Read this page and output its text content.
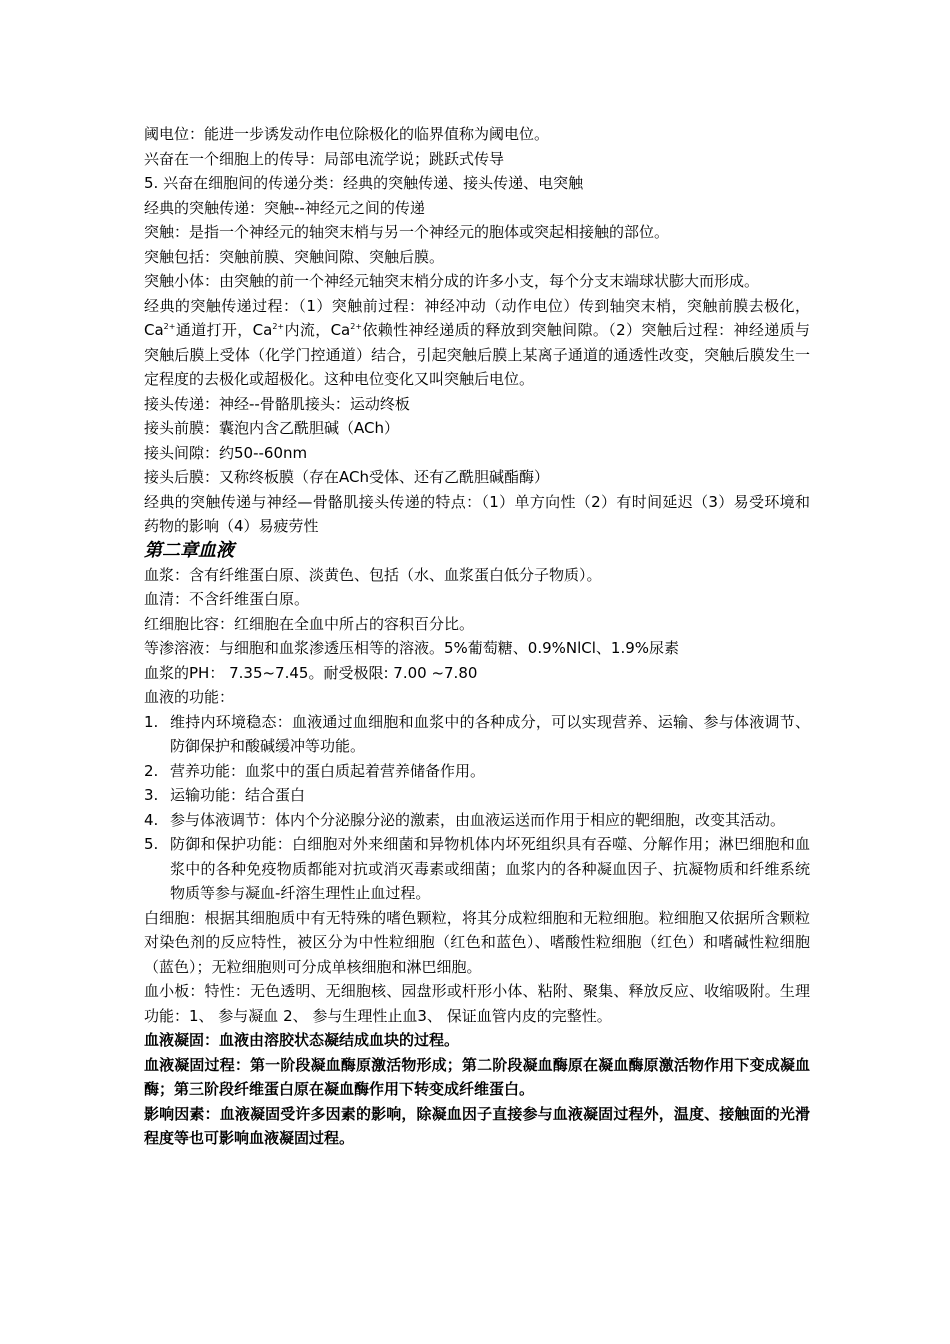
阈电位：能进一步诱发动作电位除极化的临界值称为阈电位。
兴奋在一个细胞上的传导：局部电流学说；跳跃式传导
5. 兴奋在细胞间的传递分类：经典的突触传递、接头传递、电突触
经典的突触传递：突触--神经元之间的传递
突触：是指一个神经元的轴突末梢与另一个神经元的胞体或突起相接触的部位。
突触包括：突触前膜、突触间隙、突触后膜。
突触小体：由突触的前一个神经元轴突末梢分成的许多小支，每个分支末端球状膨大而形成。
经典的突触传递过程：（1）突触前过程：神经冲动（动作电位）传到轴突末梢，突触前膜去极化，$Ca^{2+}$通道打开，$Ca^{2+}$内流，$Ca^{2+}$依赖性神经递质的释放到突触间隙。（2）突触后过程：神经递质与突触后膜上受体（化学门控通道）结合，引起突触后膜上某离子通道的通透性改变，突触后膜发生一定程度的去极化或超极化。这种电位变化又叫突触后电位。
接头传递：神经--骨骼肌接头：运动终板
接头前膜：囊泡内含乙酰胆碱（ACh）
接头间隙：约50--60nm
接头后膜：又称终板膜（存在ACh受体、还有乙酰胆碱酯酶）
经典的突触传递与神经—骨骼肌接头传递的特点：（1）单方向性（2）有时间延迟（3）易受环境和药物的影响（4）易疲劳性
第二章血液
血浆：含有纤维蛋白原、淡黄色、包括（水、血浆蛋白低分子物质）。
血清：不含纤维蛋白原。
红细胞比容：红细胞在全血中所占的容积百分比。
等渗溶液：与细胞和血浆渗透压相等的溶液。5%葡萄糖、0.9%NlCl、1.9%尿素
血浆的PH： 7.35~7.45。耐受极限: 7.00 ~7.80
血液的功能：
1. 维持内环境稳态：血液通过血细胞和血浆中的各种成分，可以实现营养、运输、参与体液调节、防御保护和酸碱缓冲等功能。
2. 营养功能：血浆中的蛋白质起着营养储备作用。
3. 运输功能：结合蛋白
4. 参与体液调节：体内个分泌腺分泌的激素，由血液运送而作用于相应的靶细胞，改变其活动。
5. 防御和保护功能：白细胞对外来细菌和异物机体内坏死组织具有吞噬、分解作用；淋巴细胞和血浆中的各种免疫物质都能对抗或消灭毒素或细菌；血浆内的各种凝血因子、抗凝物质和纤维系统物质等参与凝血-纤溶生理性止血过程。
白细胞：根据其细胞质中有无特殊的嗜色颗粒，将其分成粒细胞和无粒细胞。粒细胞又依据所含颗粒对染色剂的反应特性，被区分为中性粒细胞（红色和蓝色）、嗜酸性粒细胞（红色）和嗜碱性粒细胞（蓝色）；无粒细胞则可分成单核细胞和淋巴细胞。
血小板：特性：无色透明、无细胞核、园盘形或杆形小体、粘附、聚集、释放反应、收缩吸附。生理功能：1、 参与凝血 2、 参与生理性止血3、 保证血管内皮的完整性。
血液凝固：血液由溶胶状态凝结成血块的过程。
血液凝固过程：第一阶段凝血酶原激活物形成；第二阶段凝血酶原在凝血酶原激活物作用下变成凝血酶；第三阶段纤维蛋白原在凝血酶作用下转变成纤维蛋白。
影响因素：血液凝固受许多因素的影响，除凝血因子直接参与血液凝固过程外，温度、接触面的光滑程度等也可影响血液凝固过程。
